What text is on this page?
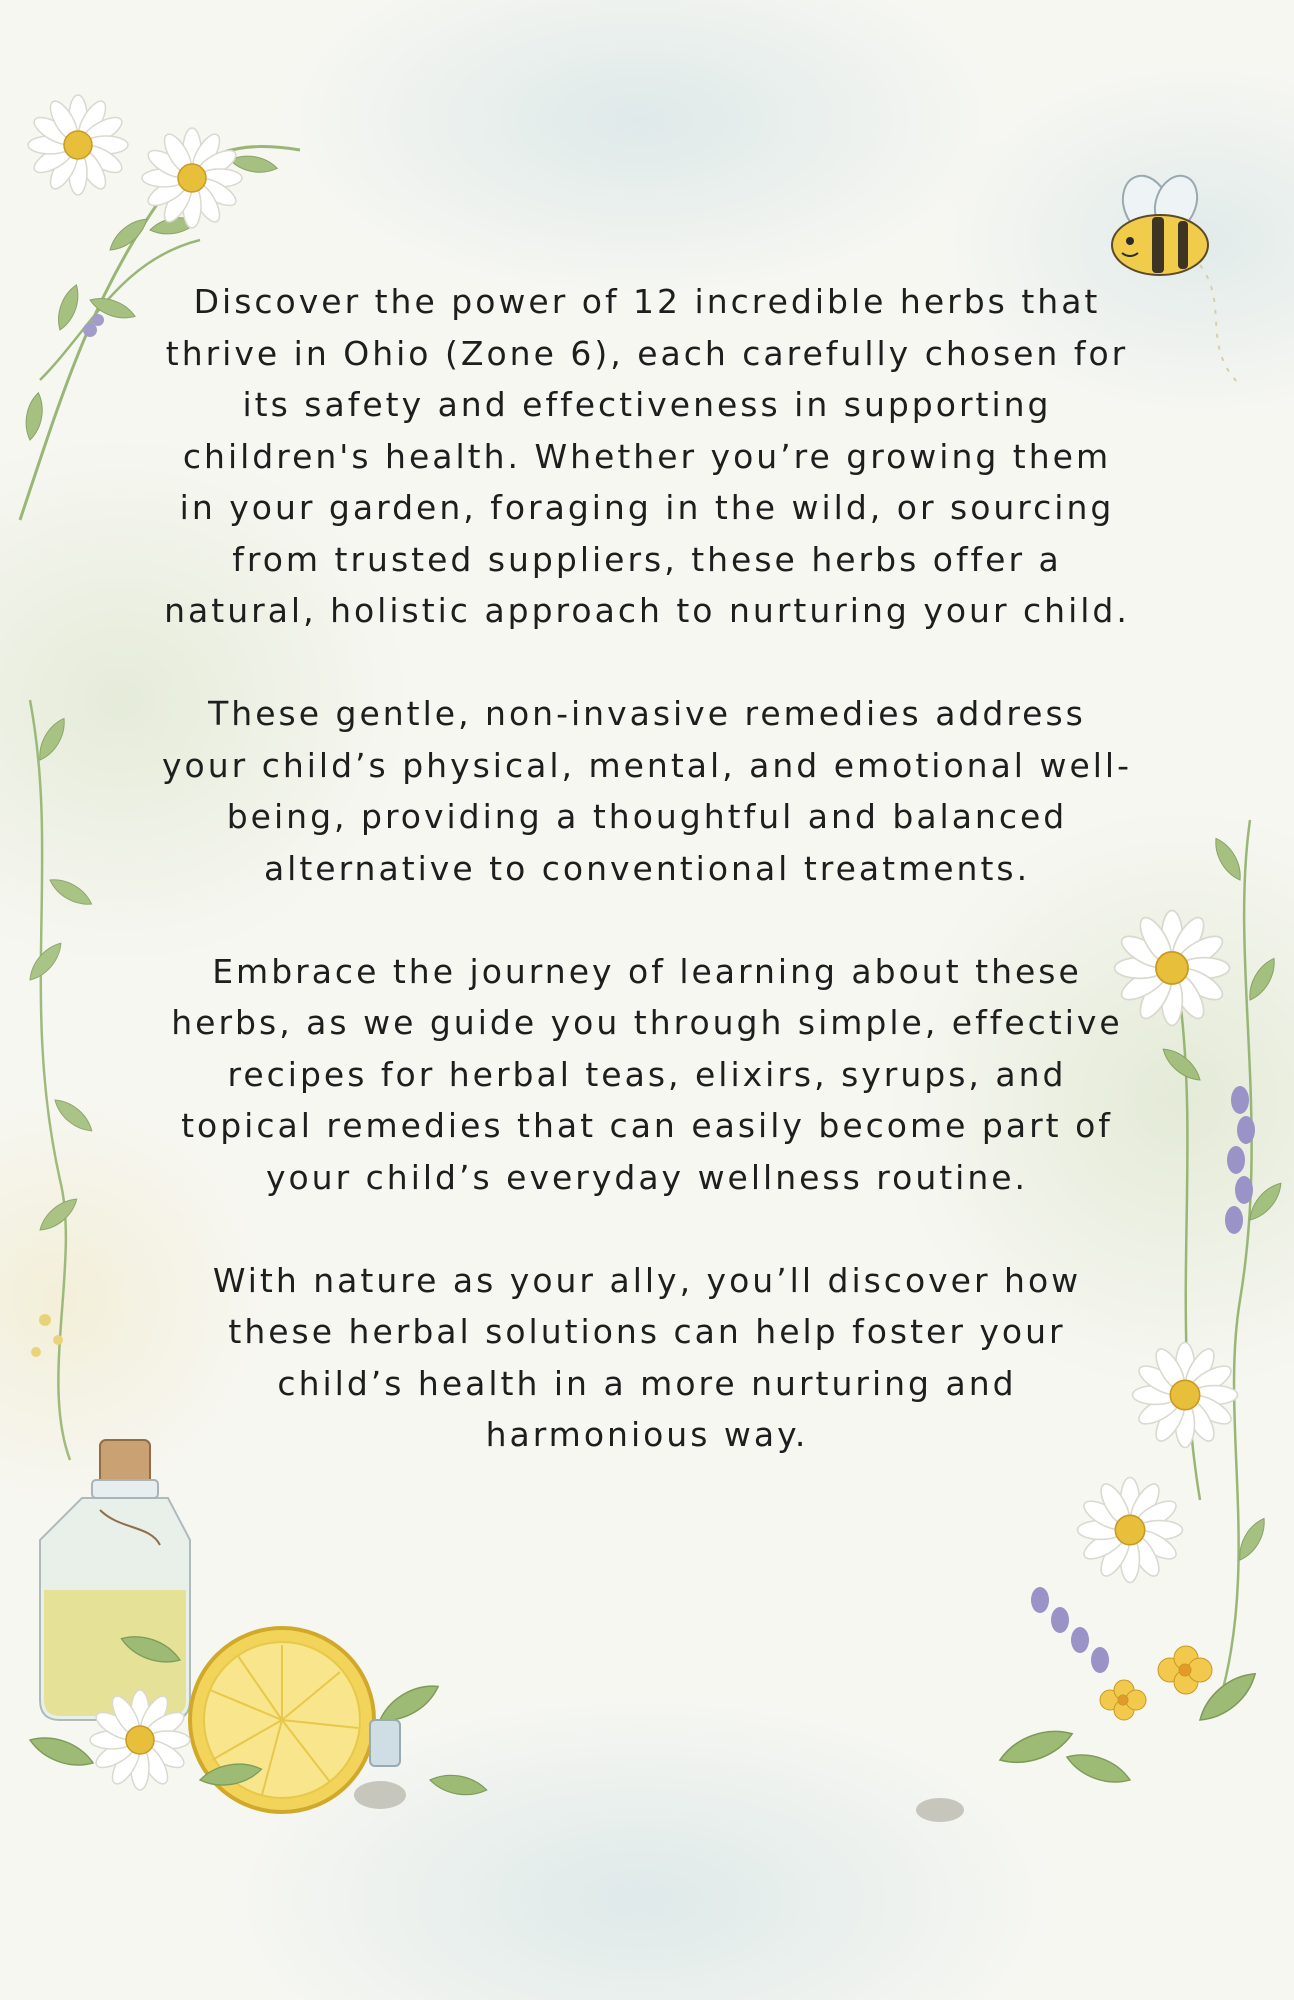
Discover the power of 12 incredible herbs that thrive in Ohio (Zone 6), each carefully chosen for its safety and effectiveness in supporting children's health. Whether you’re growing them in your garden, foraging in the wild, or sourcing from trusted suppliers, these herbs offer a natural, holistic approach to nurturing your child.

These gentle, non-invasive remedies address your child’s physical, mental, and emotional well-being, providing a thoughtful and balanced alternative to conventional treatments.

Embrace the journey of learning about these herbs, as we guide you through simple, effective recipes for herbal teas, elixirs, syrups, and topical remedies that can easily become part of your child’s everyday wellness routine.

With nature as your ally, you’ll discover how these herbal solutions can help foster your child’s health in a more nurturing and harmonious way.
